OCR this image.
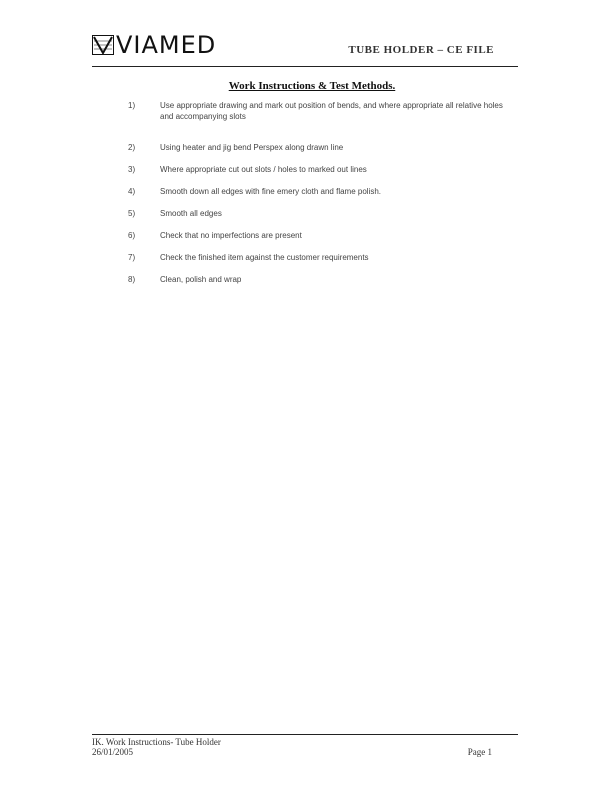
VIAMED	TUBE HOLDER – CE FILE
Work Instructions & Test Methods.
1)	Use appropriate drawing and mark out position of bends, and where appropriate all relative holes and accompanying slots
2)	Using heater and jig bend Perspex along drawn line
3)	Where appropriate cut out slots / holes to marked out lines
4)	Smooth down all edges with fine emery cloth and flame polish.
5)	Smooth all edges
6)	Check that no imperfections are present
7)	Check the finished item against the customer requirements
8)	Clean, polish and wrap
IK. Work Instructions- Tube Holder
26/01/2005	Page 1
